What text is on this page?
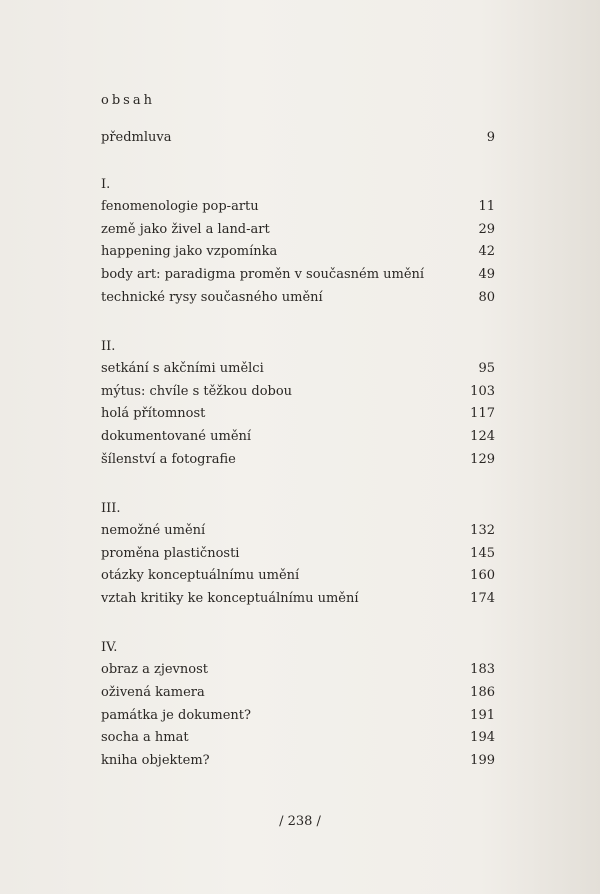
obsah
předmluva	9
I.
fenomenologie pop-artu	11
země jako živel a land-art	29
happening jako vzpomínka	42
body art: paradigma proměn v současném umění	49
technické rysy současného umění	80
II.
setkání s akčními umělci	95
mýtus: chvíle s těžkou dobou	103
holá přítomnost	117
dokumentované umění	124
šílenství a fotografie	129
III.
nemožné umění	132
proměna plastičnosti	145
otázky konceptuálnímu umění	160
vztah kritiky ke konceptuálnímu umění	174
IV.
obraz a zjevnost	183
oživená kamera	186
památka je dokument?	191
socha a hmat	194
kniha objektem?	199
/ 238 /
